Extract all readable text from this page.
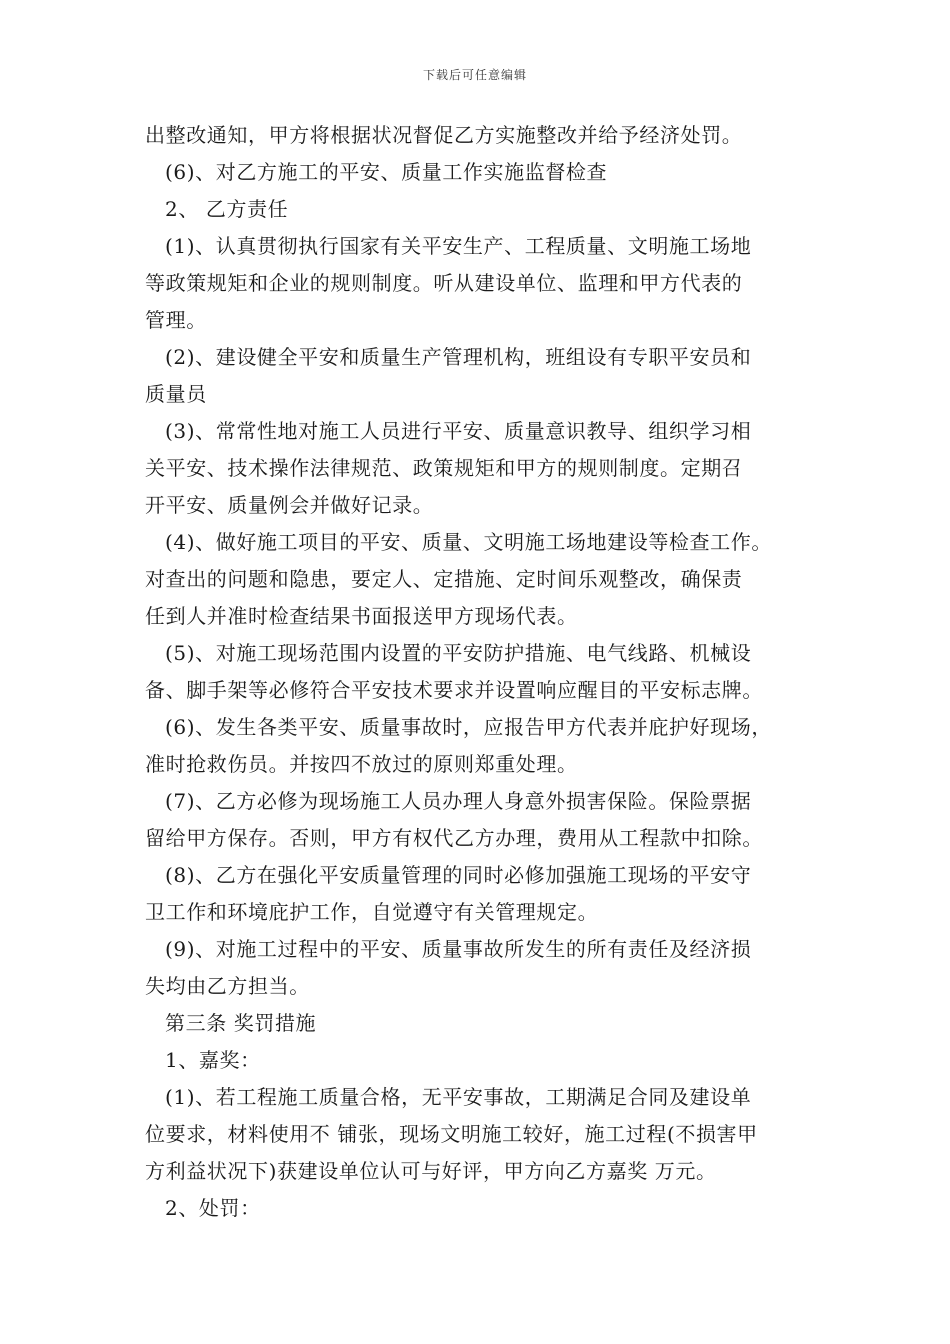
下载后可任意编辑
出整改通知，甲方将根据状况督促乙方实施整改并给予经济处罚。
(6)、对乙方施工的平安、质量工作实施监督检查
2、 乙方责任
(1)、认真贯彻执行国家有关平安生产、工程质量、文明施工场地
等政策规矩和企业的规则制度。听从建设单位、监理和甲方代表的
管理。
(2)、建设健全平安和质量生产管理机构，班组设有专职平安员和
质量员
(3)、常常性地对施工人员进行平安、质量意识教导、组织学习相
关平安、技术操作法律规范、政策规矩和甲方的规则制度。定期召
开平安、质量例会并做好记录。
(4)、做好施工项目的平安、质量、文明施工场地建设等检查工作。
对查出的问题和隐患，要定人、定措施、定时间乐观整改，确保责
任到人并准时检查结果书面报送甲方现场代表。
(5)、对施工现场范围内设置的平安防护措施、电气线路、机械设
备、脚手架等必修符合平安技术要求并设置响应醒目的平安标志牌。
(6)、发生各类平安、质量事故时，应报告甲方代表并庇护好现场，
准时抢救伤员。并按四不放过的原则郑重处理。
(7)、乙方必修为现场施工人员办理人身意外损害保险。保险票据
留给甲方保存。否则，甲方有权代乙方办理，费用从工程款中扣除。
(8)、乙方在强化平安质量管理的同时必修加强施工现场的平安守
卫工作和环境庇护工作，自觉遵守有关管理规定。
(9)、对施工过程中的平安、质量事故所发生的所有责任及经济损
失均由乙方担当。
第三条 奖罚措施
1、嘉奖：
(1)、若工程施工质量合格，无平安事故，工期满足合同及建设单
位要求，材料使用不 铺张，现场文明施工较好，施工过程(不损害甲
方利益状况下)获建设单位认可与好评，甲方向乙方嘉奖 万元。
2、处罚：
